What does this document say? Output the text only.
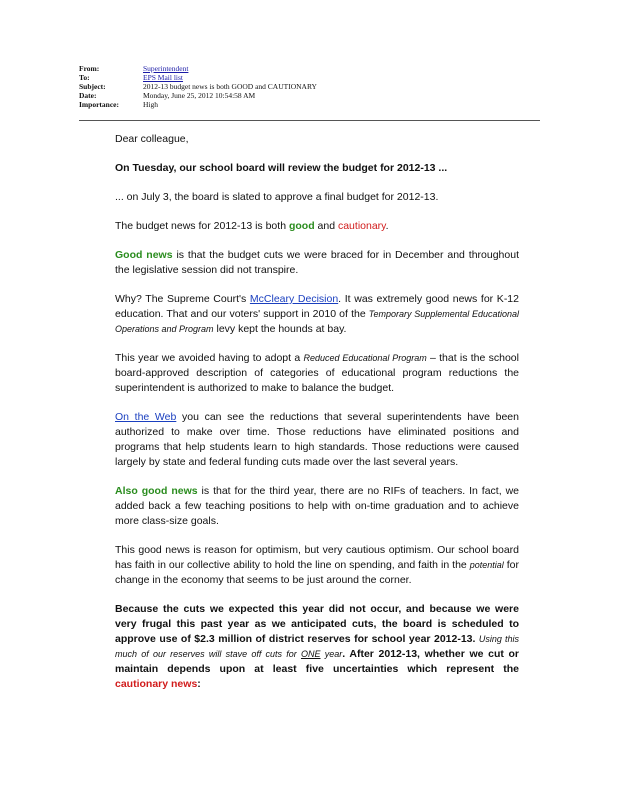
From:	Superintendent
To:	EPS Mail list
Subject:	2012-13 budget news is both GOOD and CAUTIONARY
Date:	Monday, June 25, 2012 10:54:58 AM
Importance:	High

Dear colleague,

On Tuesday, our school board will review the budget for 2012-13 ...

... on July 3, the board is slated to approve a final budget for 2012-13.

The budget news for 2012-13 is both good and cautionary.

Good news is that the budget cuts we were braced for in December and throughout the legislative session did not transpire.

Why? The Supreme Court's McCleary Decision. It was extremely good news for K-12 education. That and our voters' support in 2010 of the Temporary Supplemental Educational Operations and Program levy kept the hounds at bay.

This year we avoided having to adopt a Reduced Educational Program – that is the school board-approved description of categories of educational program reductions the superintendent is authorized to make to balance the budget.

On the Web you can see the reductions that several superintendents have been authorized to make over time. Those reductions have eliminated positions and programs that help students learn to high standards. Those reductions were caused largely by state and federal funding cuts made over the last several years.

Also good news is that for the third year, there are no RIFs of teachers. In fact, we added back a few teaching positions to help with on-time graduation and to achieve more class-size goals.

This good news is reason for optimism, but very cautious optimism. Our school board has faith in our collective ability to hold the line on spending, and faith in the potential for change in the economy that seems to be just around the corner.

Because the cuts we expected this year did not occur, and because we were very frugal this past year as we anticipated cuts, the board is scheduled to approve use of $2.3 million of district reserves for school year 2012-13. Using this much of our reserves will stave off cuts for ONE year. After 2012-13, whether we cut or maintain depends upon at least five uncertainties which represent the cautionary news:
